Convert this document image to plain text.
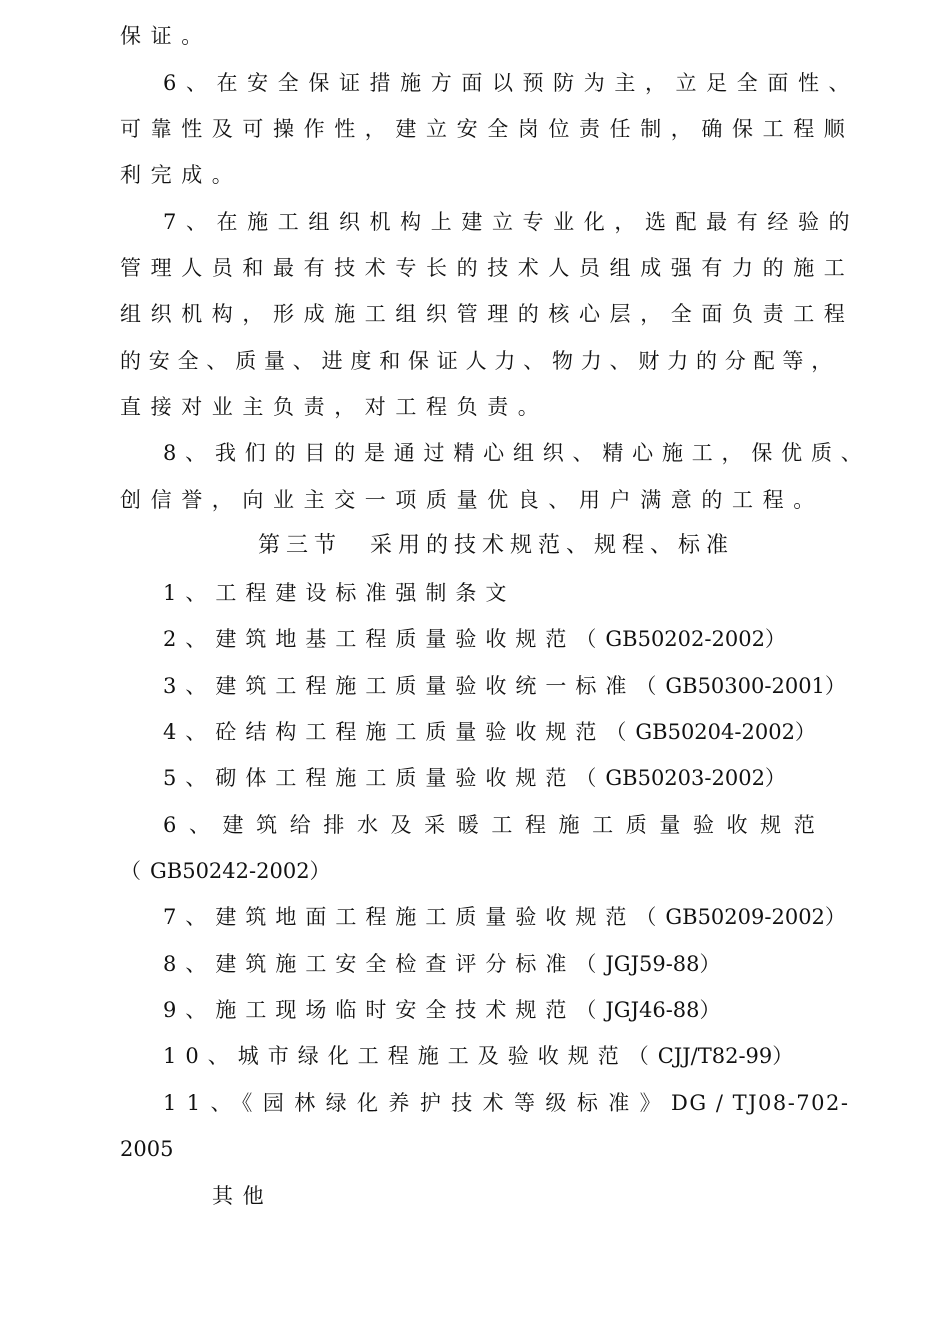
保证。

6、在安全保证措施方面以预防为主，立足全面性、

可靠性及可操作性，建立安全岗位责任制，确保工程顺

利完成。

7、在施工组织机构上建立专业化，选配最有经验的

管理人员和最有技术专长的技术人员组成强有力的施工

组织机构，形成施工组织管理的核心层，全面负责工程

的安全、质量、进度和保证人力、物力、财力的分配等，

直接对业主负责，对工程负责。

8、我们的目的是通过精心组织、精心施工，保优质、

创信誉，向业主交一项质量优良、用户满意的工程。

第三节　采用的技术规范、规程、标准

1、工程建设标准强制条文

2、建筑地基工程质量验收规范（GB50202-2002）

3、建筑工程施工质量验收统一标准（GB50300-2001）

4、砼结构工程施工质量验收规范（GB50204-2002）

5、砌体工程施工质量验收规范（GB50203-2002）

6、建筑给排水及采暖工程施工质量验收规范

（GB50242-2002）

7、建筑地面工程施工质量验收规范（GB50209-2002）

8、建筑施工安全检查评分标准（JGJ59-88）

9、施工现场临时安全技术规范（JGJ46-88）

10、城市绿化工程施工及验收规范（CJJ/T82-99）

11、《园林绿化养护技术等级标准》DG / TJ08-702-

2005

其他
